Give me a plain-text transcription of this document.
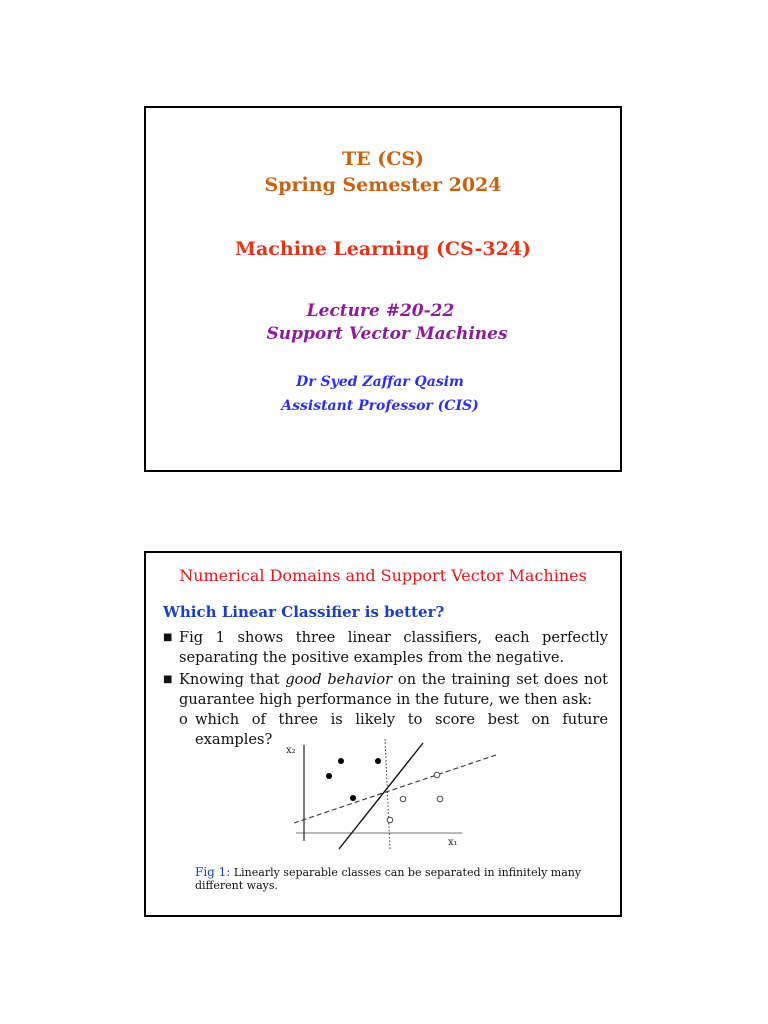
TE (CS)
Spring Semester 2024
Machine Learning (CS-324)
Lecture #20-22
Support Vector Machines
Dr Syed Zaffar Qasim
Assistant Professor (CIS)
Numerical Domains and Support Vector Machines
Which Linear Classifier is better?
■ Fig 1 shows three linear classifiers, each perfectly separating the positive examples from the negative.
■ Knowing that good behavior on the training set does not guarantee high performance in the future, we then ask:
o which of three is likely to score best on future examples?
x₂
x₁
Fig 1: Linearly separable classes can be separated in infinitely many different ways.
